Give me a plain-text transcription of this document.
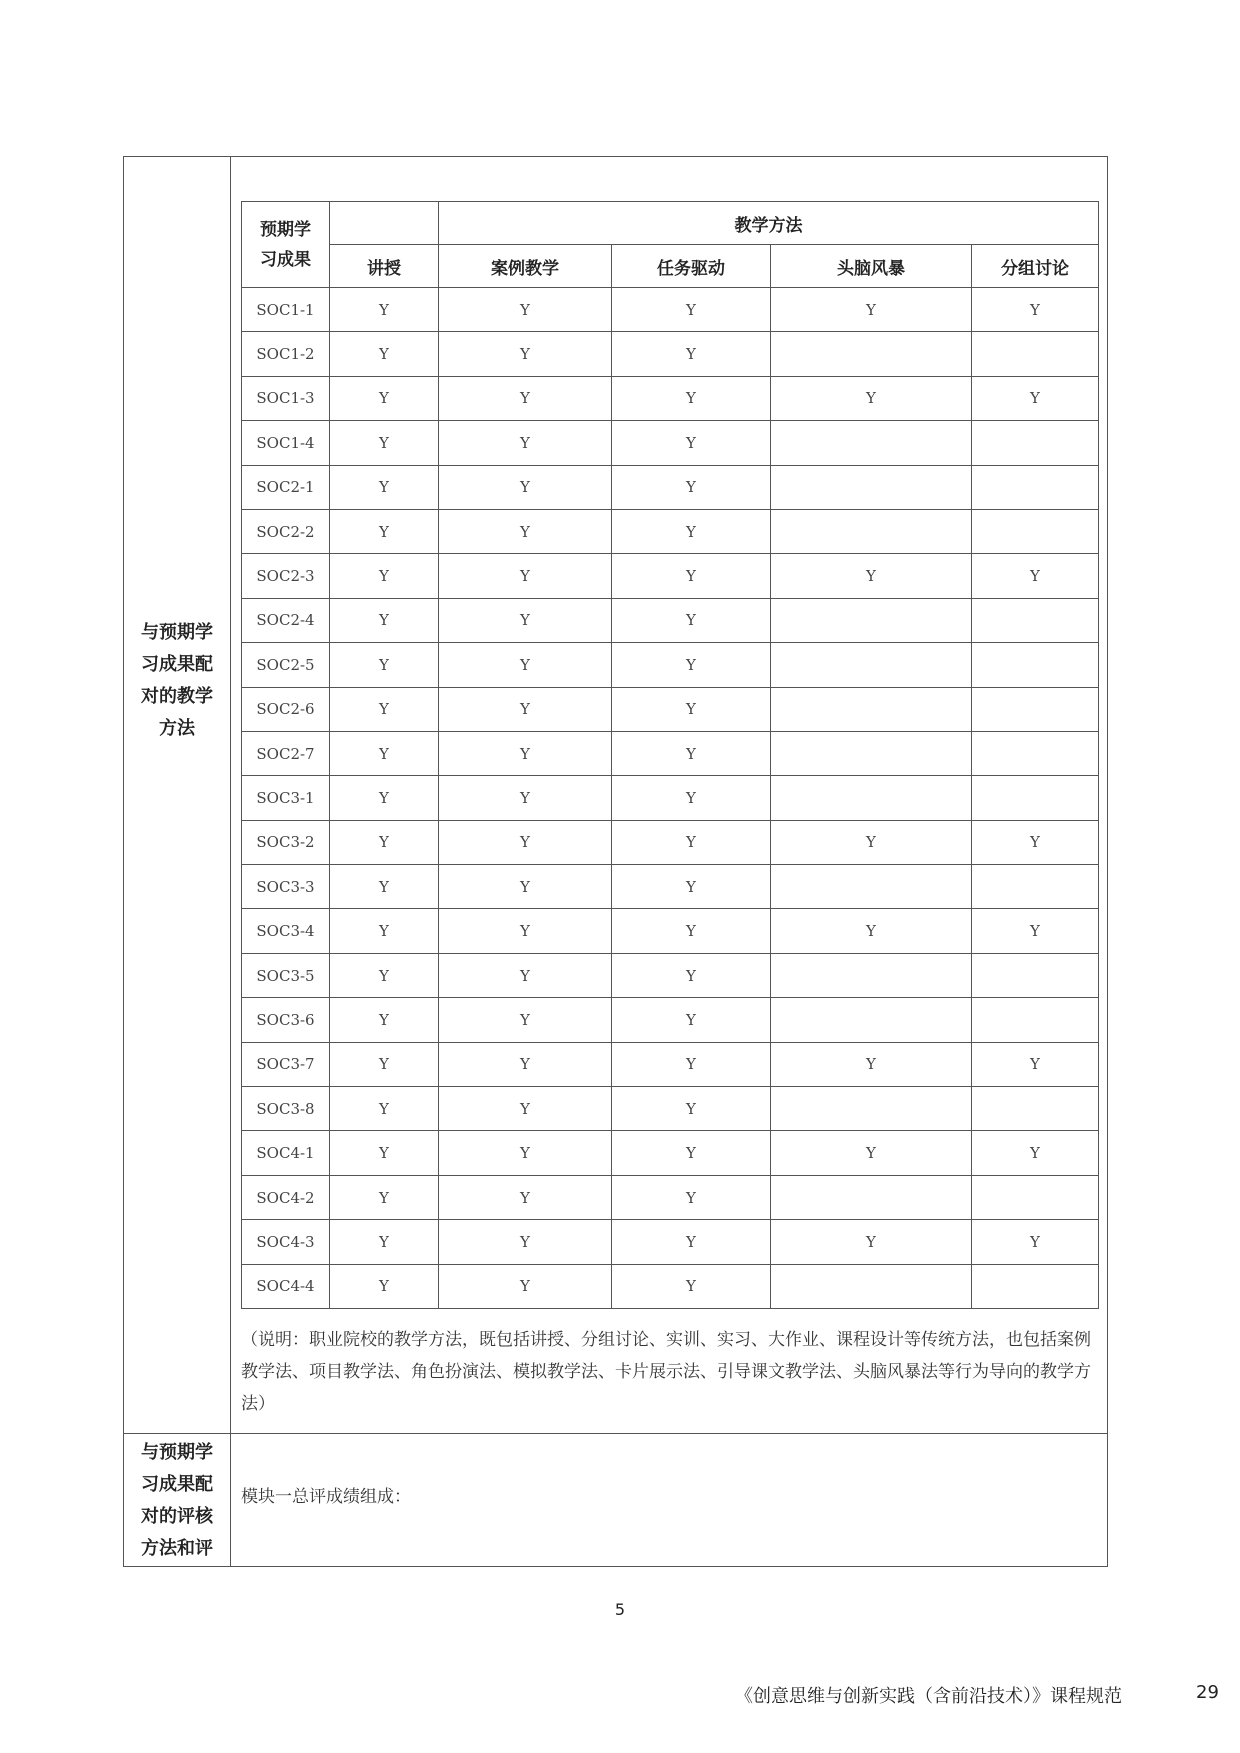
与预期学
习成果配
对的教学
方法
与预期学
习成果配
对的评核
方法和评
预期学
习成果		教学方法			
	讲授	案例教学	任务驱动	头脑风暴	分组讨论
SOC1-1	Y	Y	Y	Y	Y
SOC1-2	Y	Y	Y		
SOC1-3	Y	Y	Y	Y	Y
SOC1-4	Y	Y	Y		
SOC2-1	Y	Y	Y		
SOC2-2	Y	Y	Y		
SOC2-3	Y	Y	Y	Y	Y
SOC2-4	Y	Y	Y		
SOC2-5	Y	Y	Y		
SOC2-6	Y	Y	Y		
SOC2-7	Y	Y	Y		
SOC3-1	Y	Y	Y		
SOC3-2	Y	Y	Y	Y	Y
SOC3-3	Y	Y	Y		
SOC3-4	Y	Y	Y	Y	Y
SOC3-5	Y	Y	Y		
SOC3-6	Y	Y	Y		
SOC3-7	Y	Y	Y	Y	Y
SOC3-8	Y	Y	Y		
SOC4-1	Y	Y	Y	Y	Y
SOC4-2	Y	Y	Y		
SOC4-3	Y	Y	Y	Y	Y
SOC4-4	Y	Y	Y		
（说明：职业院校的教学方法，既包括讲授、分组讨论、实训、实习、大作业、课程设计等传统方法，也包括案例教学法、项目教学法、角色扮演法、模拟教学法、卡片展示法、引导课文教学法、头脑风暴法等行为导向的教学方法）
模块一总评成绩组成：
5
《创意思维与创新实践（含前沿技术）》课程规范	29
